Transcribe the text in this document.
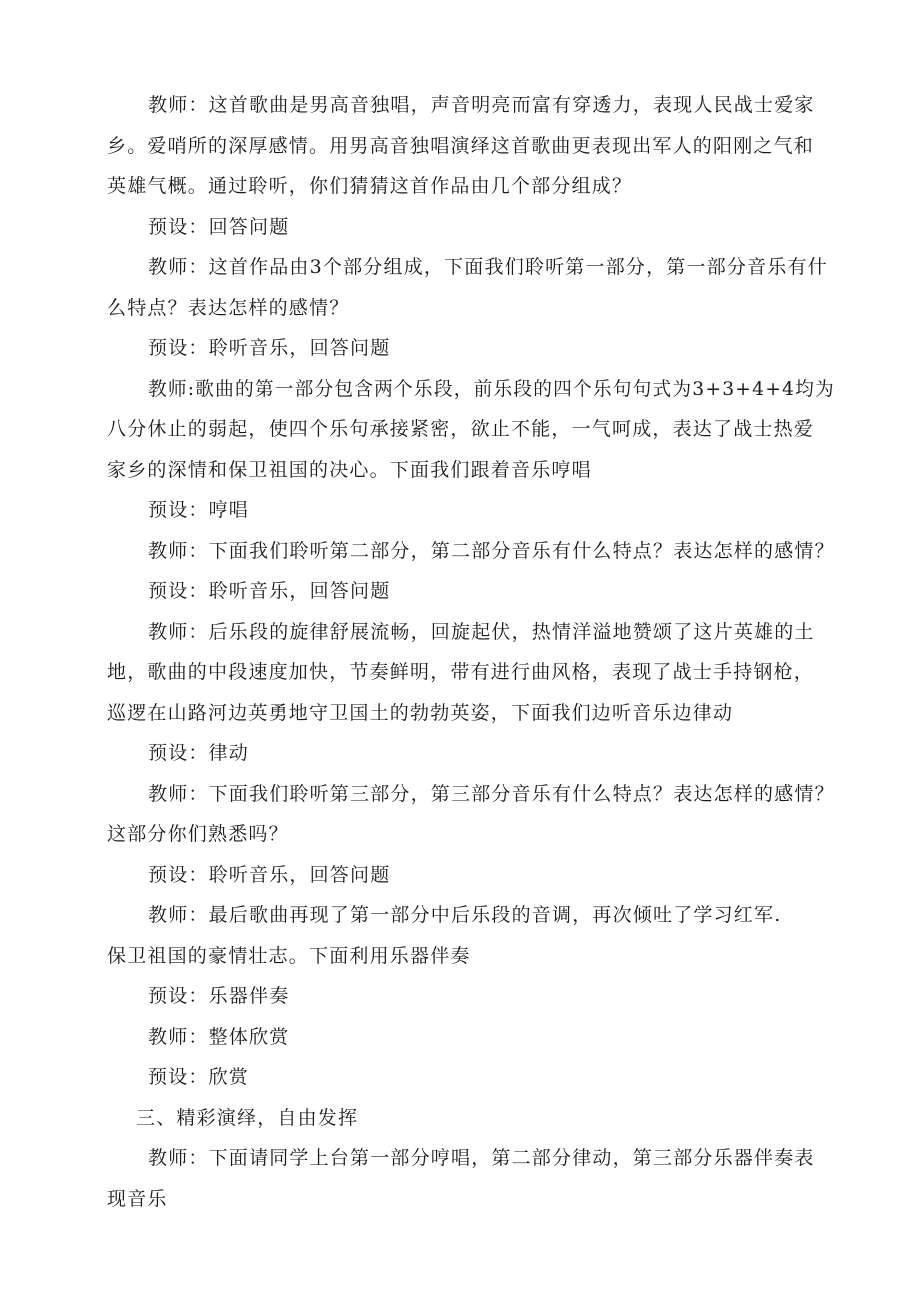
教师：这首歌曲是男高音独唱，声音明亮而富有穿透力，表现人民战士爱家

乡。爱哨所的深厚感情。用男高音独唱演绎这首歌曲更表现出军人的阳刚之气和

英雄气概。通过聆听，你们猜猜这首作品由几个部分组成？

预设：回答问题

教师：这首作品由3个部分组成，下面我们聆听第一部分，第一部分音乐有什

么特点？表达怎样的感情？

预设：聆听音乐，回答问题

教师:歌曲的第一部分包含两个乐段，前乐段的四个乐句句式为3+3+4+4均为

八分休止的弱起，使四个乐句承接紧密，欲止不能，一气呵成，表达了战士热爱

家乡的深情和保卫祖国的决心。下面我们跟着音乐哼唱

预设：哼唱

教师：下面我们聆听第二部分，第二部分音乐有什么特点？表达怎样的感情？

预设：聆听音乐，回答问题

教师：后乐段的旋律舒展流畅，回旋起伏，热情洋溢地赞颂了这片英雄的土

地，歌曲的中段速度加快，节奏鲜明，带有进行曲风格，表现了战士手持钢枪，

巡逻在山路河边英勇地守卫国土的勃勃英姿，下面我们边听音乐边律动

预设：律动

教师：下面我们聆听第三部分，第三部分音乐有什么特点？表达怎样的感情？

这部分你们熟悉吗？

预设：聆听音乐，回答问题

教师：最后歌曲再现了第一部分中后乐段的音调，再次倾吐了学习红军.

保卫祖国的豪情壮志。下面利用乐器伴奏

预设：乐器伴奏

教师：整体欣赏

预设：欣赏

三、精彩演绎，自由发挥

教师：下面请同学上台第一部分哼唱，第二部分律动，第三部分乐器伴奏表

现音乐
